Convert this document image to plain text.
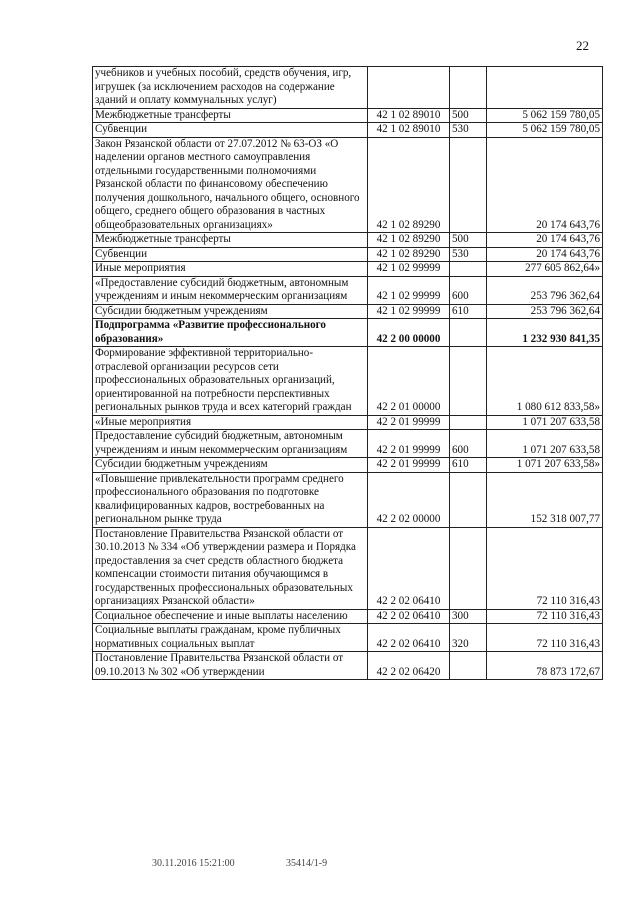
22
учебников и учебных пособий, средств обучения, игр, игрушек (за исключением расходов на содержание зданий и оплату коммунальных услуг)			
Межбюджетные трансферты	42 1 02 89010	500	5 062 159 780,05
Субвенции	42 1 02 89010	530	5 062 159 780,05
Закон Рязанской области от 27.07.2012 № 63-ОЗ «О наделении органов местного самоуправления отдельными государственными полномочиями Рязанской области по финансовому обеспечению получения дошкольного, начального общего, основного общего, среднего общего образования в частных общеобразовательных организациях»	42 1 02 89290		20 174 643,76
Межбюджетные трансферты	42 1 02 89290	500	20 174 643,76
Субвенции	42 1 02 89290	530	20 174 643,76
Иные мероприятия	42 1 02 99999		277 605 862,64»
«Предоставление субсидий бюджетным, автономным учреждениям и иным некоммерческим организациям	42 1 02 99999	600	253 796 362,64
Субсидии бюджетным учреждениям	42 1 02 99999	610	253 796 362,64
Подпрограмма «Развитие профессионального образования»	42 2 00 00000		1 232 930 841,35
Формирование эффективной территориально-отраслевой организации ресурсов сети профессиональных образовательных организаций, ориентированной на потребности перспективных региональных рынков труда и всех категорий граждан	42 2 01 00000		1 080 612 833,58»
«Иные мероприятия	42 2 01 99999		1 071 207 633,58
Предоставление субсидий бюджетным, автономным учреждениям и иным некоммерческим организациям	42 2 01 99999	600	1 071 207 633,58
Субсидии бюджетным учреждениям	42 2 01 99999	610	1 071 207 633,58»
«Повышение привлекательности программ среднего профессионального образования по подготовке квалифицированных кадров, востребованных на региональном рынке труда	42 2 02 00000		152 318 007,77
Постановление Правительства Рязанской области от 30.10.2013 № 334 «Об утверждении размера и Порядка предоставления за счет средств областного бюджета компенсации стоимости питания обучающимся в государственных профессиональных образовательных организациях Рязанской области»	42 2 02 06410		72 110 316,43
Социальное обеспечение и иные выплаты населению	42 2 02 06410	300	72 110 316,43
Социальные выплаты гражданам, кроме публичных нормативных социальных выплат	42 2 02 06410	320	72 110 316,43
Постановление Правительства Рязанской области от 09.10.2013 № 302 «Об утверждении	42 2 02 06420		78 873 172,67
30.11.2016 15:21:00	35414/1-9
